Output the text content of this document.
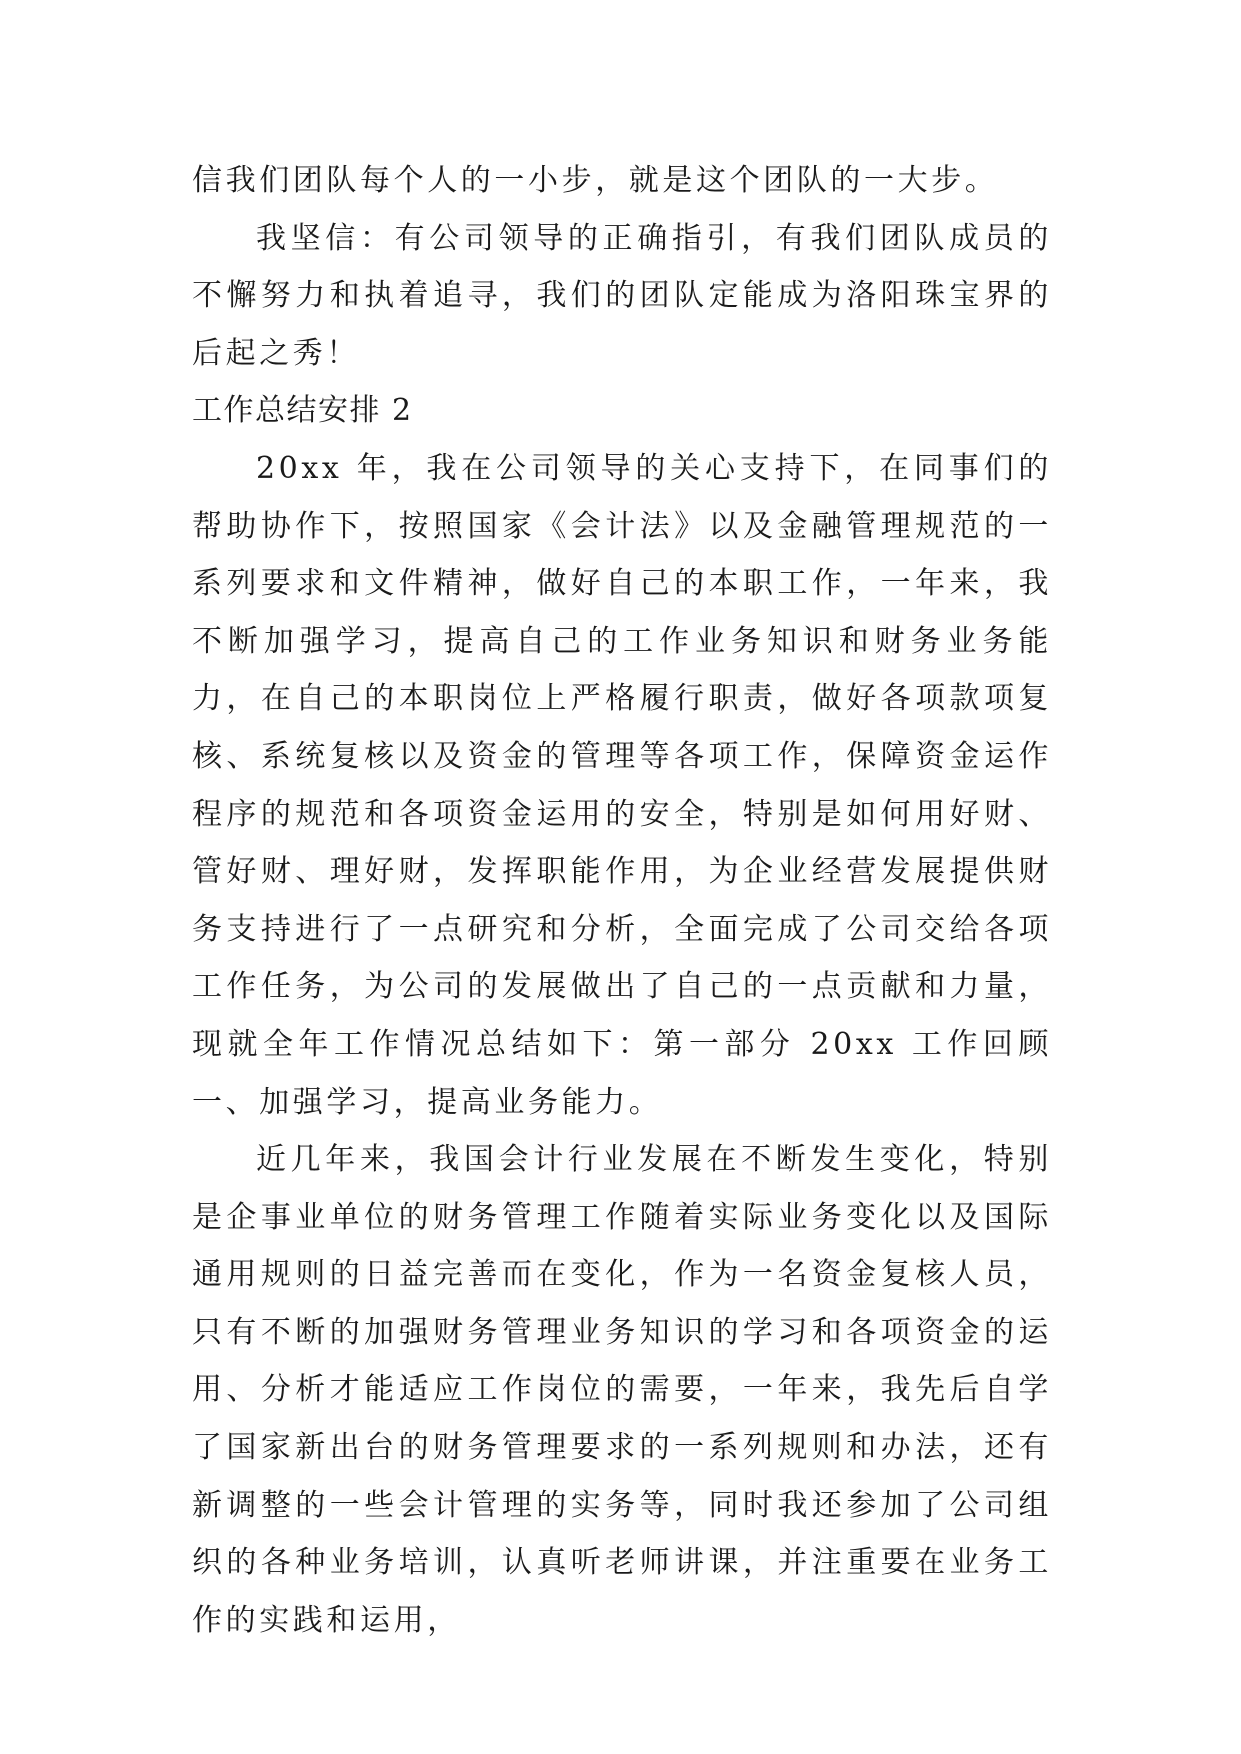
信我们团队每个人的一小步，就是这个团队的一大步。

我坚信：有公司领导的正确指引，有我们团队成员的不懈努力和执着追寻，我们的团队定能成为洛阳珠宝界的后起之秀！

工作总结安排 2

20xx 年，我在公司领导的关心支持下，在同事们的帮助协作下，按照国家《会计法》以及金融管理规范的一系列要求和文件精神，做好自己的本职工作，一年来，我不断加强学习，提高自己的工作业务知识和财务业务能力，在自己的本职岗位上严格履行职责，做好各项款项复核、系统复核以及资金的管理等各项工作，保障资金运作程序的规范和各项资金运用的安全，特别是如何用好财、管好财、理好财，发挥职能作用，为企业经营发展提供财务支持进行了一点研究和分析，全面完成了公司交给各项工作任务，为公司的发展做出了自己的一点贡献和力量，现就全年工作情况总结如下：第一部分 20xx 工作回顾一、加强学习，提高业务能力。

近几年来，我国会计行业发展在不断发生变化，特别是企事业单位的财务管理工作随着实际业务变化以及国际通用规则的日益完善而在变化，作为一名资金复核人员，只有不断的加强财务管理业务知识的学习和各项资金的运用、分析才能适应工作岗位的需要，一年来，我先后自学了国家新出台的财务管理要求的一系列规则和办法，还有新调整的一些会计管理的实务等，同时我还参加了公司组织的各种业务培训，认真听老师讲课，并注重要在业务工作的实践和运用，
